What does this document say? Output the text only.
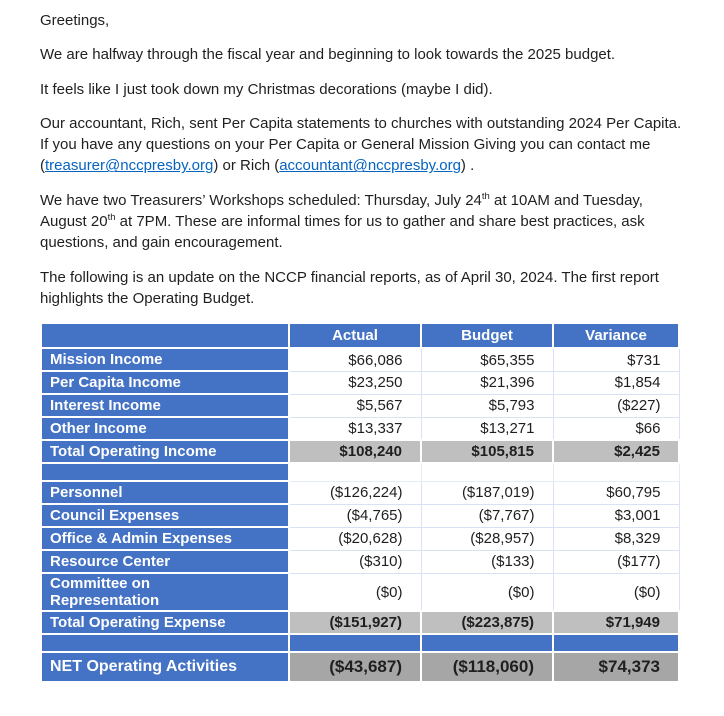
Greetings,

We are halfway through the fiscal year and beginning to look towards the 2025 budget.

It feels like I just took down my Christmas decorations (maybe I did).

Our accountant, Rich, sent Per Capita statements to churches with outstanding 2024 Per Capita. If you have any questions on your Per Capita or General Mission Giving you can contact me (treasurer@nccpresby.org) or Rich (accountant@nccpresby.org) .

We have two Treasurers’ Workshops scheduled: Thursday, July 24th at 10AM and Tuesday, August 20th at 7PM. These are informal times for us to gather and share best practices, ask questions, and gain encouragement.

The following is an update on the NCCP financial reports, as of April 30, 2024. The first report highlights the Operating Budget.

	Actual	Budget	Variance
Mission Income	$66,086	$65,355	$731
Per Capita Income	$23,250	$21,396	$1,854
Interest Income	$5,567	$5,793	($227)
Other Income	$13,337	$13,271	$66
Total Operating Income	$108,240	$105,815	$2,425

Personnel	($126,224)	($187,019)	$60,795
Council Expenses	($4,765)	($7,767)	$3,001
Office & Admin Expenses	($20,628)	($28,957)	$8,329
Resource Center	($310)	($133)	($177)
Committee on Representation	($0)	($0)	($0)
Total Operating Expense	($151,927)	($223,875)	$71,949

NET Operating Activities	($43,687)	($118,060)	$74,373
